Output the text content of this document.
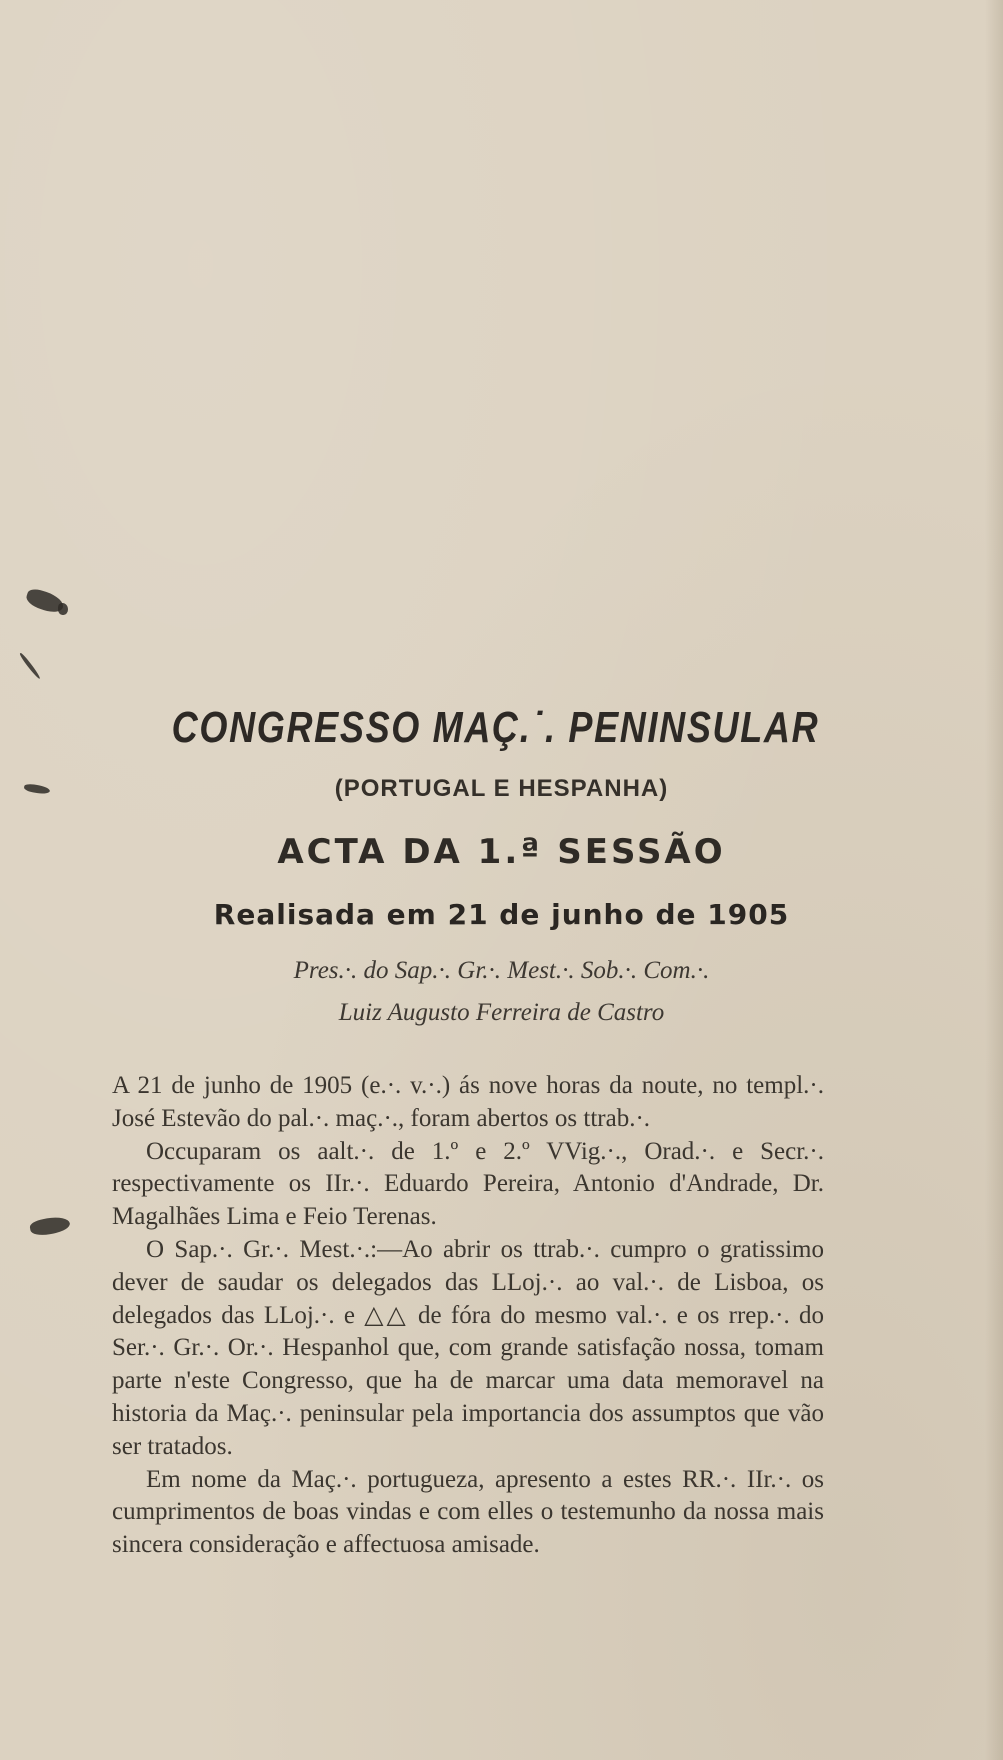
CONGRESSO MAÇ.˙. PENINSULAR
(PORTUGAL E HESPANHA)
ACTA DA 1.ª SESSÃO
Realisada em 21 de junho de 1905
Pres.·. do Sap.·. Gr.·. Mest.·. Sob.·. Com.·.
Luiz Augusto Ferreira de Castro

A 21 de junho de 1905 (e.·. v.·.) ás nove horas da noute, no templ.·. José Estevão do pal.·. maç.·., foram abertos os ttrab.·.

Occuparam os aalt.·. de 1.º e 2.º VVig.·., Orad.·. e Secr.·. respectivamente os IIr.·. Eduardo Pereira, Antonio d'Andrade, Dr. Magalhães Lima e Feio Terenas.

O Sap.·. Gr.·. Mest.·.:—Ao abrir os ttrab.·. cumpro o gratissimo dever de saudar os delegados das LLoj.·. ao val.·. de Lisboa, os delegados das LLoj.·. e △△ de fóra do mesmo val.·. e os rrep.·. do Ser.·. Gr.·. Or.·. Hespanhol que, com grande satisfação nossa, tomam parte n'este Congresso, que ha de marcar uma data memoravel na historia da Maç.·. peninsular pela importancia dos assumptos que vão ser tratados.

Em nome da Maç.·. portugueza, apresento a estes RR.·. IIr.·. os cumprimentos de boas vindas e com elles o testemunho da nossa mais sincera consideração e affectuosa amisade.
